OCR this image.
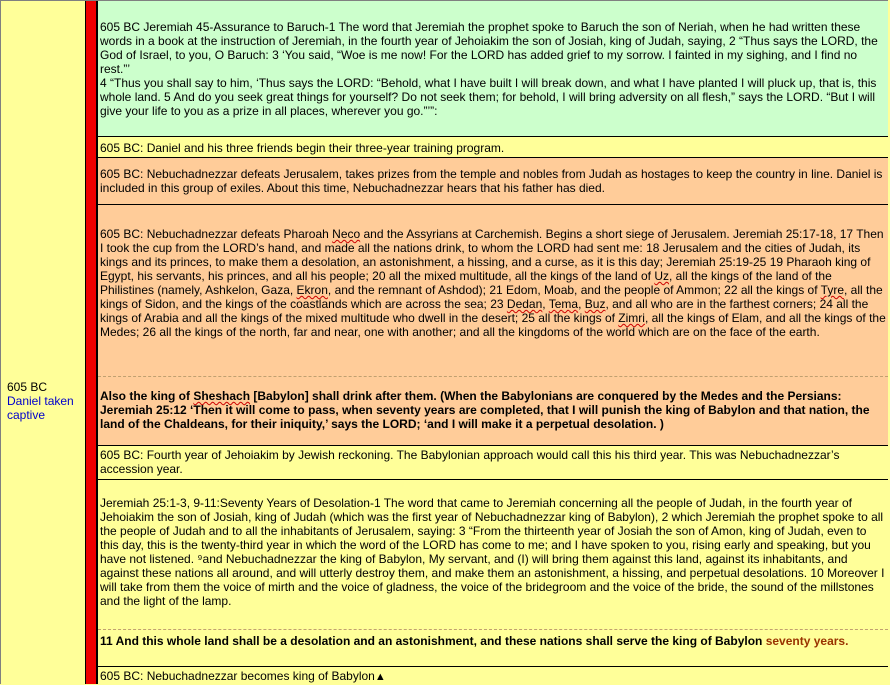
605 BC
Daniel taken
captive

605 BC Jeremiah 45-Assurance to Baruch-1 The word that Jeremiah the prophet spoke to Baruch the son of Neriah, when he had written these words in a book at the instruction of Jeremiah, in the fourth year of Jehoiakim the son of Josiah, king of Judah, saying, 2 “Thus says the LORD, the God of Israel, to you, O Baruch: 3 ‘You said, “Woe is me now! For the LORD has added grief to my sorrow. I fainted in my sighing, and I find no rest.”’

4 “Thus you shall say to him, ‘Thus says the LORD: “Behold, what I have built I will break down, and what I have planted I will pluck up, that is, this whole land. 5 And do you seek great things for yourself? Do not seek them; for behold, I will bring adversity on all flesh,” says the LORD. “But I will give your life to you as a prize in all places, wherever you go.”’”:

605 BC: Daniel and his three friends begin their three-year training program.

605 BC: Nebuchadnezzar defeats Jerusalem, takes prizes from the temple and nobles from Judah as hostages to keep the country in line. Daniel is included in this group of exiles. About this time, Nebuchadnezzar hears that his father has died.

605 BC: Nebuchadnezzar defeats Pharoah Neco and the Assyrians at Carchemish. Begins a short siege of Jerusalem. Jeremiah 25:17-18, 17 Then I took the cup from the LORD’s hand, and made all the nations drink, to whom the LORD had sent me: 18 Jerusalem and the cities of Judah, its kings and its princes, to make them a desolation, an astonishment, a hissing, and a curse, as it is this day; Jeremiah 25:19-25 19 Pharaoh king of Egypt, his servants, his princes, and all his people; 20 all the mixed multitude, all the kings of the land of Uz, all the kings of the land of the Philistines (namely, Ashkelon, Gaza, Ekron, and the remnant of Ashdod); 21 Edom, Moab, and the people of Ammon; 22 all the kings of Tyre, all the kings of Sidon, and the kings of the coastlands which are across the sea; 23 Dedan, Tema, Buz, and all who are in the farthest corners; 24 all the kings of Arabia and all the kings of the mixed multitude who dwell in the desert; 25 all the kings of Zimri, all the kings of Elam, and all the kings of the Medes; 26 all the kings of the north, far and near, one with another; and all the kingdoms of the world which are on the face of the earth.

Also the king of Sheshach [Babylon] shall drink after them. (When the Babylonians are conquered by the Medes and the Persians: Jeremiah 25:12 ‘Then it will come to pass, when seventy years are completed, that I will punish the king of Babylon and that nation, the land of the Chaldeans, for their iniquity,’ says the LORD; ‘and I will make it a perpetual desolation. )

605 BC: Fourth year of Jehoiakim by Jewish reckoning. The Babylonian approach would call this his third year. This was Nebuchadnezzar’s accession year.

Jeremiah 25:1-3, 9-11:Seventy Years of Desolation-1 The word that came to Jeremiah concerning all the people of Judah, in the fourth year of Jehoiakim the son of Josiah, king of Judah (which was the first year of Nebuchadnezzar king of Babylon), 2 which Jeremiah the prophet spoke to all the people of Judah and to all the inhabitants of Jerusalem, saying: 3 “From the thirteenth year of Josiah the son of Amon, king of Judah, even to this day, this is the twenty-third year in which the word of the LORD has come to me; and I have spoken to you, rising early and speaking, but you have not listened. ⁹and Nebuchadnezzar the king of Babylon, My servant, and (I) will bring them against this land, against its inhabitants, and against these nations all around, and will utterly destroy them, and make them an astonishment, a hissing, and perpetual desolations. 10 Moreover I will take from them the voice of mirth and the voice of gladness, the voice of the bridegroom and the voice of the bride, the sound of the millstones and the light of the lamp.

11 And this whole land shall be a desolation and an astonishment, and these nations shall serve the king of Babylon seventy years.

605 BC: Nebuchadnezzar becomes king of Babylon▲
